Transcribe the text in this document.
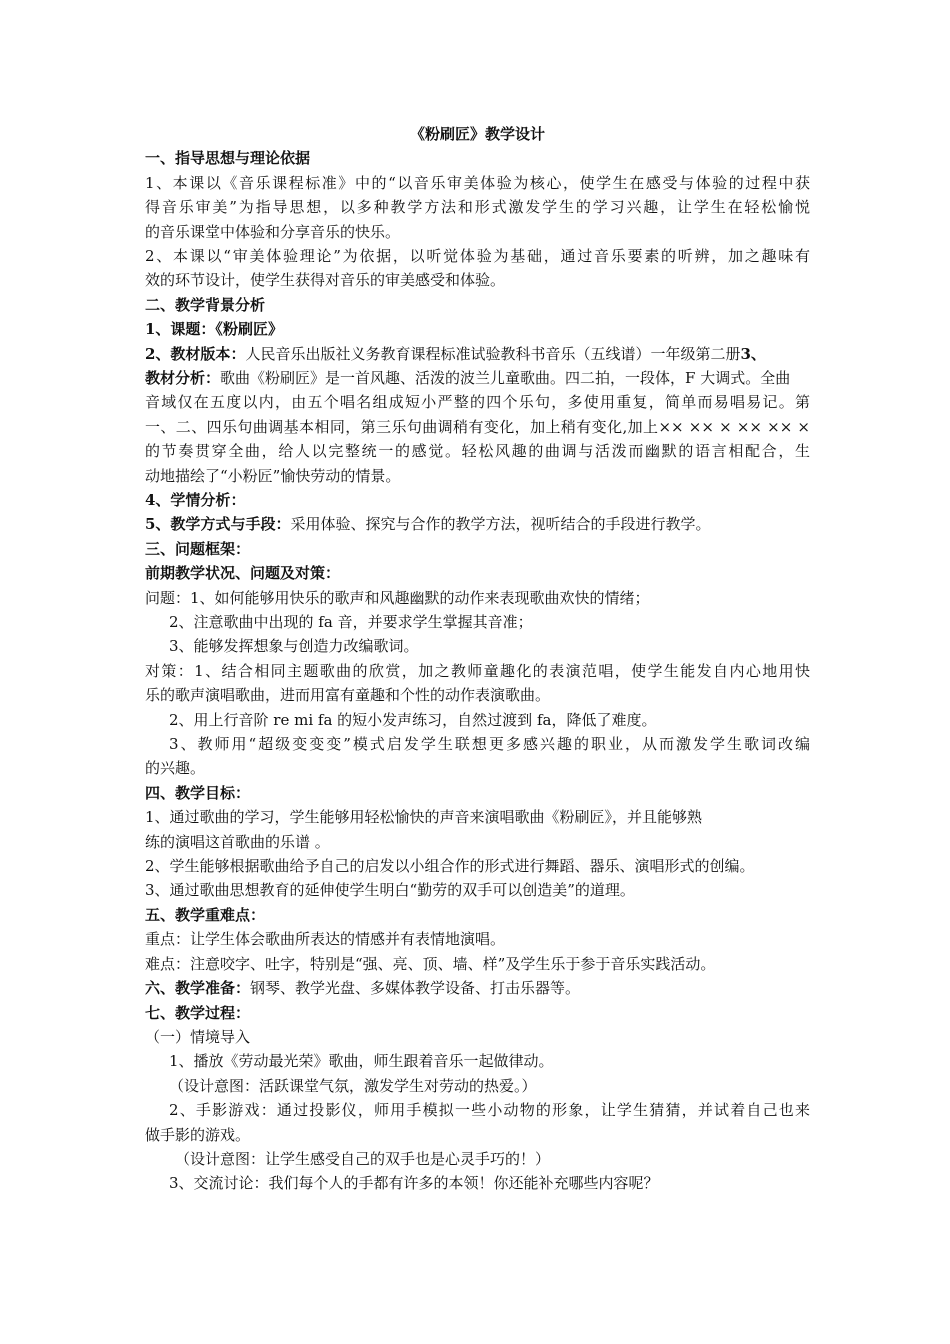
《粉刷匠》教学设计
一、指导思想与理论依据
1、本课以《音乐课程标准》中的“以音乐审美体验为核心，使学生在感受与体验的过程中获
得音乐审美”为指导思想，以多种教学方法和形式激发学生的学习兴趣，让学生在轻松愉悦
的音乐课堂中体验和分享音乐的快乐。
2、本课以“审美体验理论”为依据，以听觉体验为基础，通过音乐要素的听辨，加之趣味有
效的环节设计，使学生获得对音乐的审美感受和体验。
二、教学背景分析
1、课题：《粉刷匠》
2、教材版本：人民音乐出版社义务教育课程标准试验教科书音乐（五线谱）一年级第二册3、
教材分析：歌曲《粉刷匠》是一首风趣、活泼的波兰儿童歌曲。四二拍，一段体，F 大调式。全曲
音域仅在五度以内，由五个唱名组成短小严整的四个乐句，多使用重复，简单而易唱易记。第
一、二、四乐句曲调基本相同，第三乐句曲调稍有变化，加上稍有变化,加上×× ×× × ×× ×× ×
的节奏贯穿全曲，给人以完整统一的感觉。轻松风趣的曲调与活泼而幽默的语言相配合，生
动地描绘了“小粉匠”愉快劳动的情景。
4、学情分析：
5、教学方式与手段：采用体验、探究与合作的教学方法，视听结合的手段进行教学。
三、问题框架：
前期教学状况、问题及对策：
问题：1、如何能够用快乐的歌声和风趣幽默的动作来表现歌曲欢快的情绪；
2、注意歌曲中出现的 fa 音，并要求学生掌握其音准；
3、能够发挥想象与创造力改编歌词。
对策：1、结合相同主题歌曲的欣赏，加之教师童趣化的表演范唱，使学生能发自内心地用快
乐的歌声演唱歌曲，进而用富有童趣和个性的动作表演歌曲。
2、用上行音阶 re mi fa 的短小发声练习，自然过渡到 fa，降低了难度。
3、教师用“超级变变变”模式启发学生联想更多感兴趣的职业，从而激发学生歌词改编
的兴趣。
四、教学目标：
1、通过歌曲的学习，学生能够用轻松愉快的声音来演唱歌曲《粉刷匠》，并且能够熟
练的演唱这首歌曲的乐谱 。
2、学生能够根据歌曲给予自己的启发以小组合作的形式进行舞蹈、器乐、演唱形式的创编。
3、通过歌曲思想教育的延伸使学生明白“勤劳的双手可以创造美”的道理。
五、教学重难点：
重点：让学生体会歌曲所表达的情感并有表情地演唱。
难点：注意咬字、吐字，特别是“强、亮、顶、墙、样”及学生乐于参于音乐实践活动。
六、教学准备：钢琴、教学光盘、多媒体教学设备、打击乐器等。
七、教学过程：
（一）情境导入
1、播放《劳动最光荣》歌曲，师生跟着音乐一起做律动。
（设计意图：活跃课堂气氛，激发学生对劳动的热爱。）
2、手影游戏：通过投影仪，师用手模拟一些小动物的形象，让学生猜猜，并试着自己也来
做手影的游戏。
（设计意图：让学生感受自己的双手也是心灵手巧的！）
3、交流讨论：我们每个人的手都有许多的本领！你还能补充哪些内容呢？
